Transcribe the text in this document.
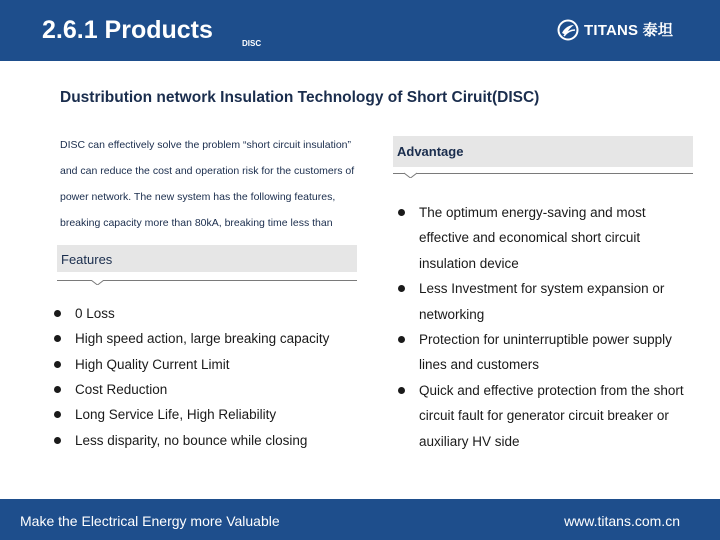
2.6.1 Products	DISC
TITANS 泰坦
Dustribution network Insulation Technology of Short Ciruit(DISC)
DISC can effectively solve the problem “short circuit insulation” and can reduce the cost and operation risk for the customers of power network. The new system has the following features, breaking capacity more than 80kA, breaking time less than
Features
0 Loss
High speed action, large breaking capacity
High Quality Current Limit
Cost Reduction
Long Service Life, High Reliability
Less disparity, no bounce while closing
Advantage
The optimum energy-saving and most effective and economical short circuit insulation device
Less Investment for system expansion or networking
Protection for uninterruptible power supply lines and customers
Quick and effective protection from the short circuit fault for generator circuit breaker or auxiliary HV side
Make the Electrical Energy more Valuable	www.titans.com.cn
